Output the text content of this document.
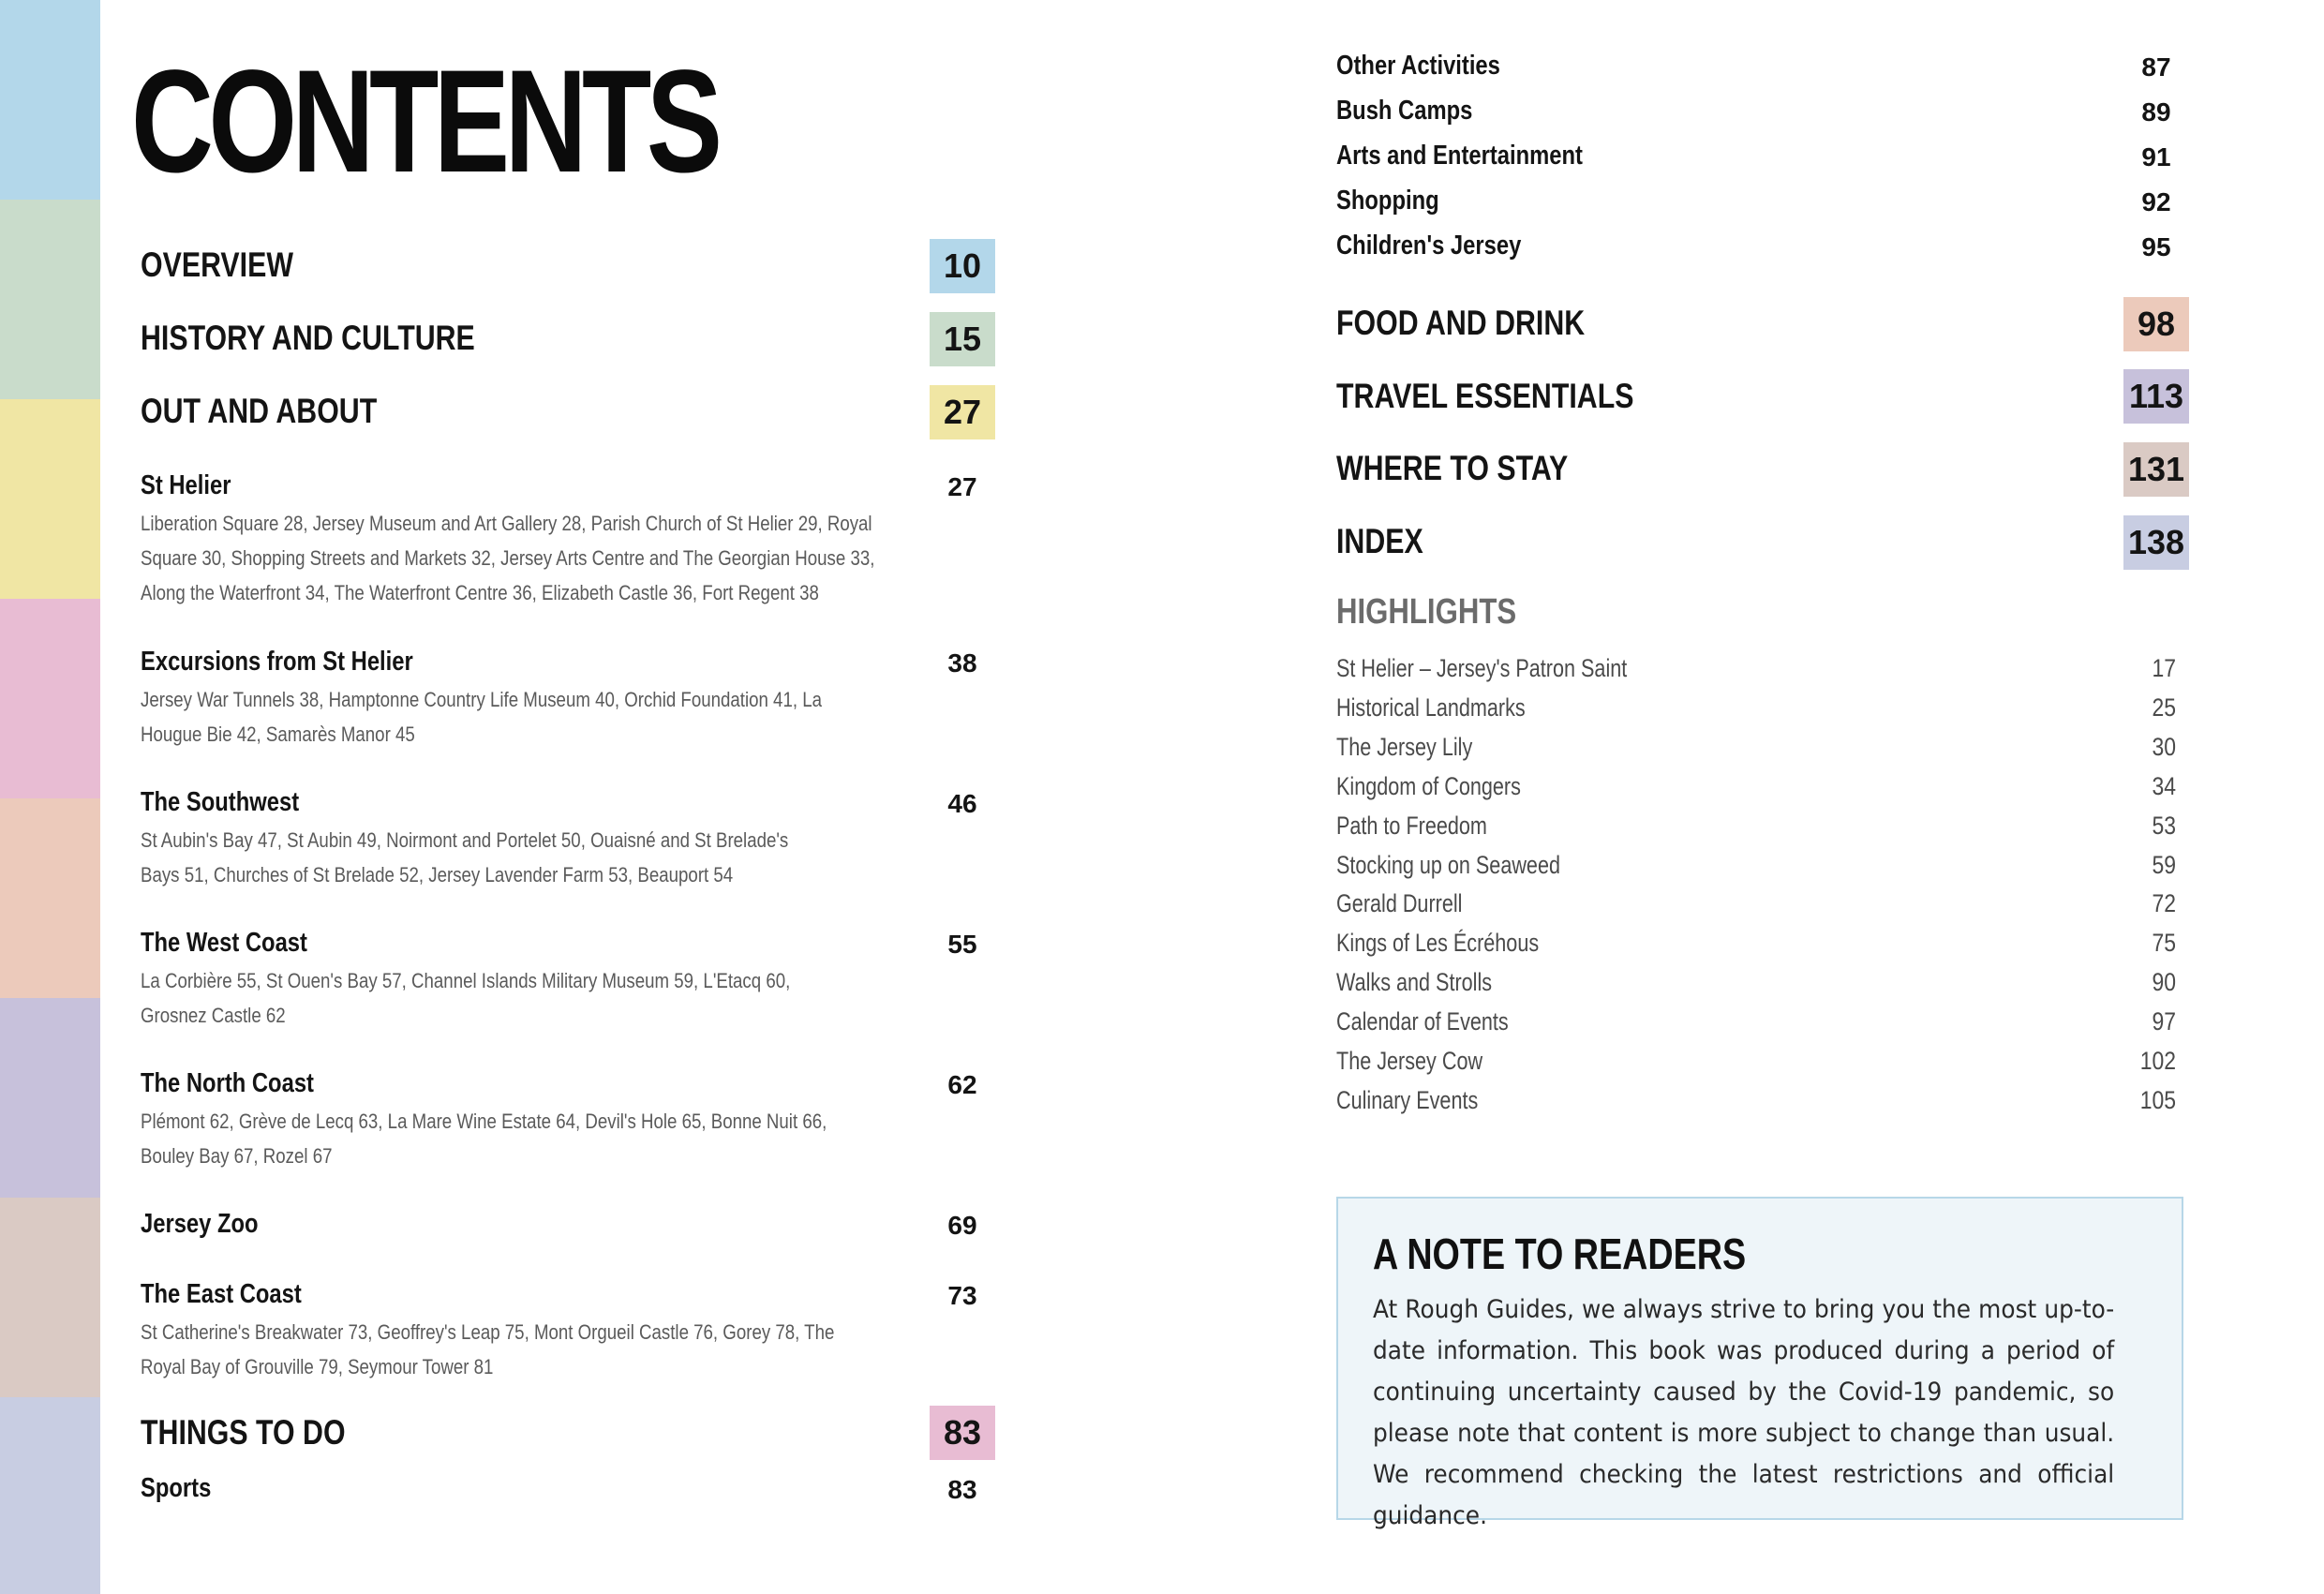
CONTENTS
OVERVIEW	10
HISTORY AND CULTURE	15
OUT AND ABOUT	27
St Helier	27
Liberation Square 28, Jersey Museum and Art Gallery 28, Parish Church of St Helier 29, Royal
Square 30, Shopping Streets and Markets 32, Jersey Arts Centre and The Georgian House 33,
Along the Waterfront 34, The Waterfront Centre 36, Elizabeth Castle 36, Fort Regent 38
Excursions from St Helier	38
Jersey War Tunnels 38, Hamptonne Country Life Museum 40, Orchid Foundation 41, La
Hougue Bie 42, Samarès Manor 45
The Southwest	46
St Aubin's Bay 47, St Aubin 49, Noirmont and Portelet 50, Ouaisné and St Brelade's
Bays 51, Churches of St Brelade 52, Jersey Lavender Farm 53, Beauport 54
The West Coast	55
La Corbière 55, St Ouen's Bay 57, Channel Islands Military Museum 59, L'Etacq 60,
Grosnez Castle 62
The North Coast	62
Plémont 62, Grève de Lecq 63, La Mare Wine Estate 64, Devil's Hole 65, Bonne Nuit 66,
Bouley Bay 67, Rozel 67
Jersey Zoo	69
The East Coast	73
St Catherine's Breakwater 73, Geoffrey's Leap 75, Mont Orgueil Castle 76, Gorey 78, The
Royal Bay of Grouville 79, Seymour Tower 81
THINGS TO DO	83
Sports	83
Other Activities	87
Bush Camps	89
Arts and Entertainment	91
Shopping	92
Children's Jersey	95
FOOD AND DRINK	98
TRAVEL ESSENTIALS	113
WHERE TO STAY	131
INDEX	138
HIGHLIGHTS
St Helier – Jersey's Patron Saint	17
Historical Landmarks	25
The Jersey Lily	30
Kingdom of Congers	34
Path to Freedom	53
Stocking up on Seaweed	59
Gerald Durrell	72
Kings of Les Écréhous	75
Walks and Strolls	90
Calendar of Events	97
The Jersey Cow	102
Culinary Events	105
A NOTE TO READERS

At Rough Guides, we always strive to bring you the most up-to-date information. This book was produced during a period of continuing uncertainty caused by the Covid-19 pandemic, so please note that content is more subject to change than usual. We recommend checking the latest restrictions and official guidance.
